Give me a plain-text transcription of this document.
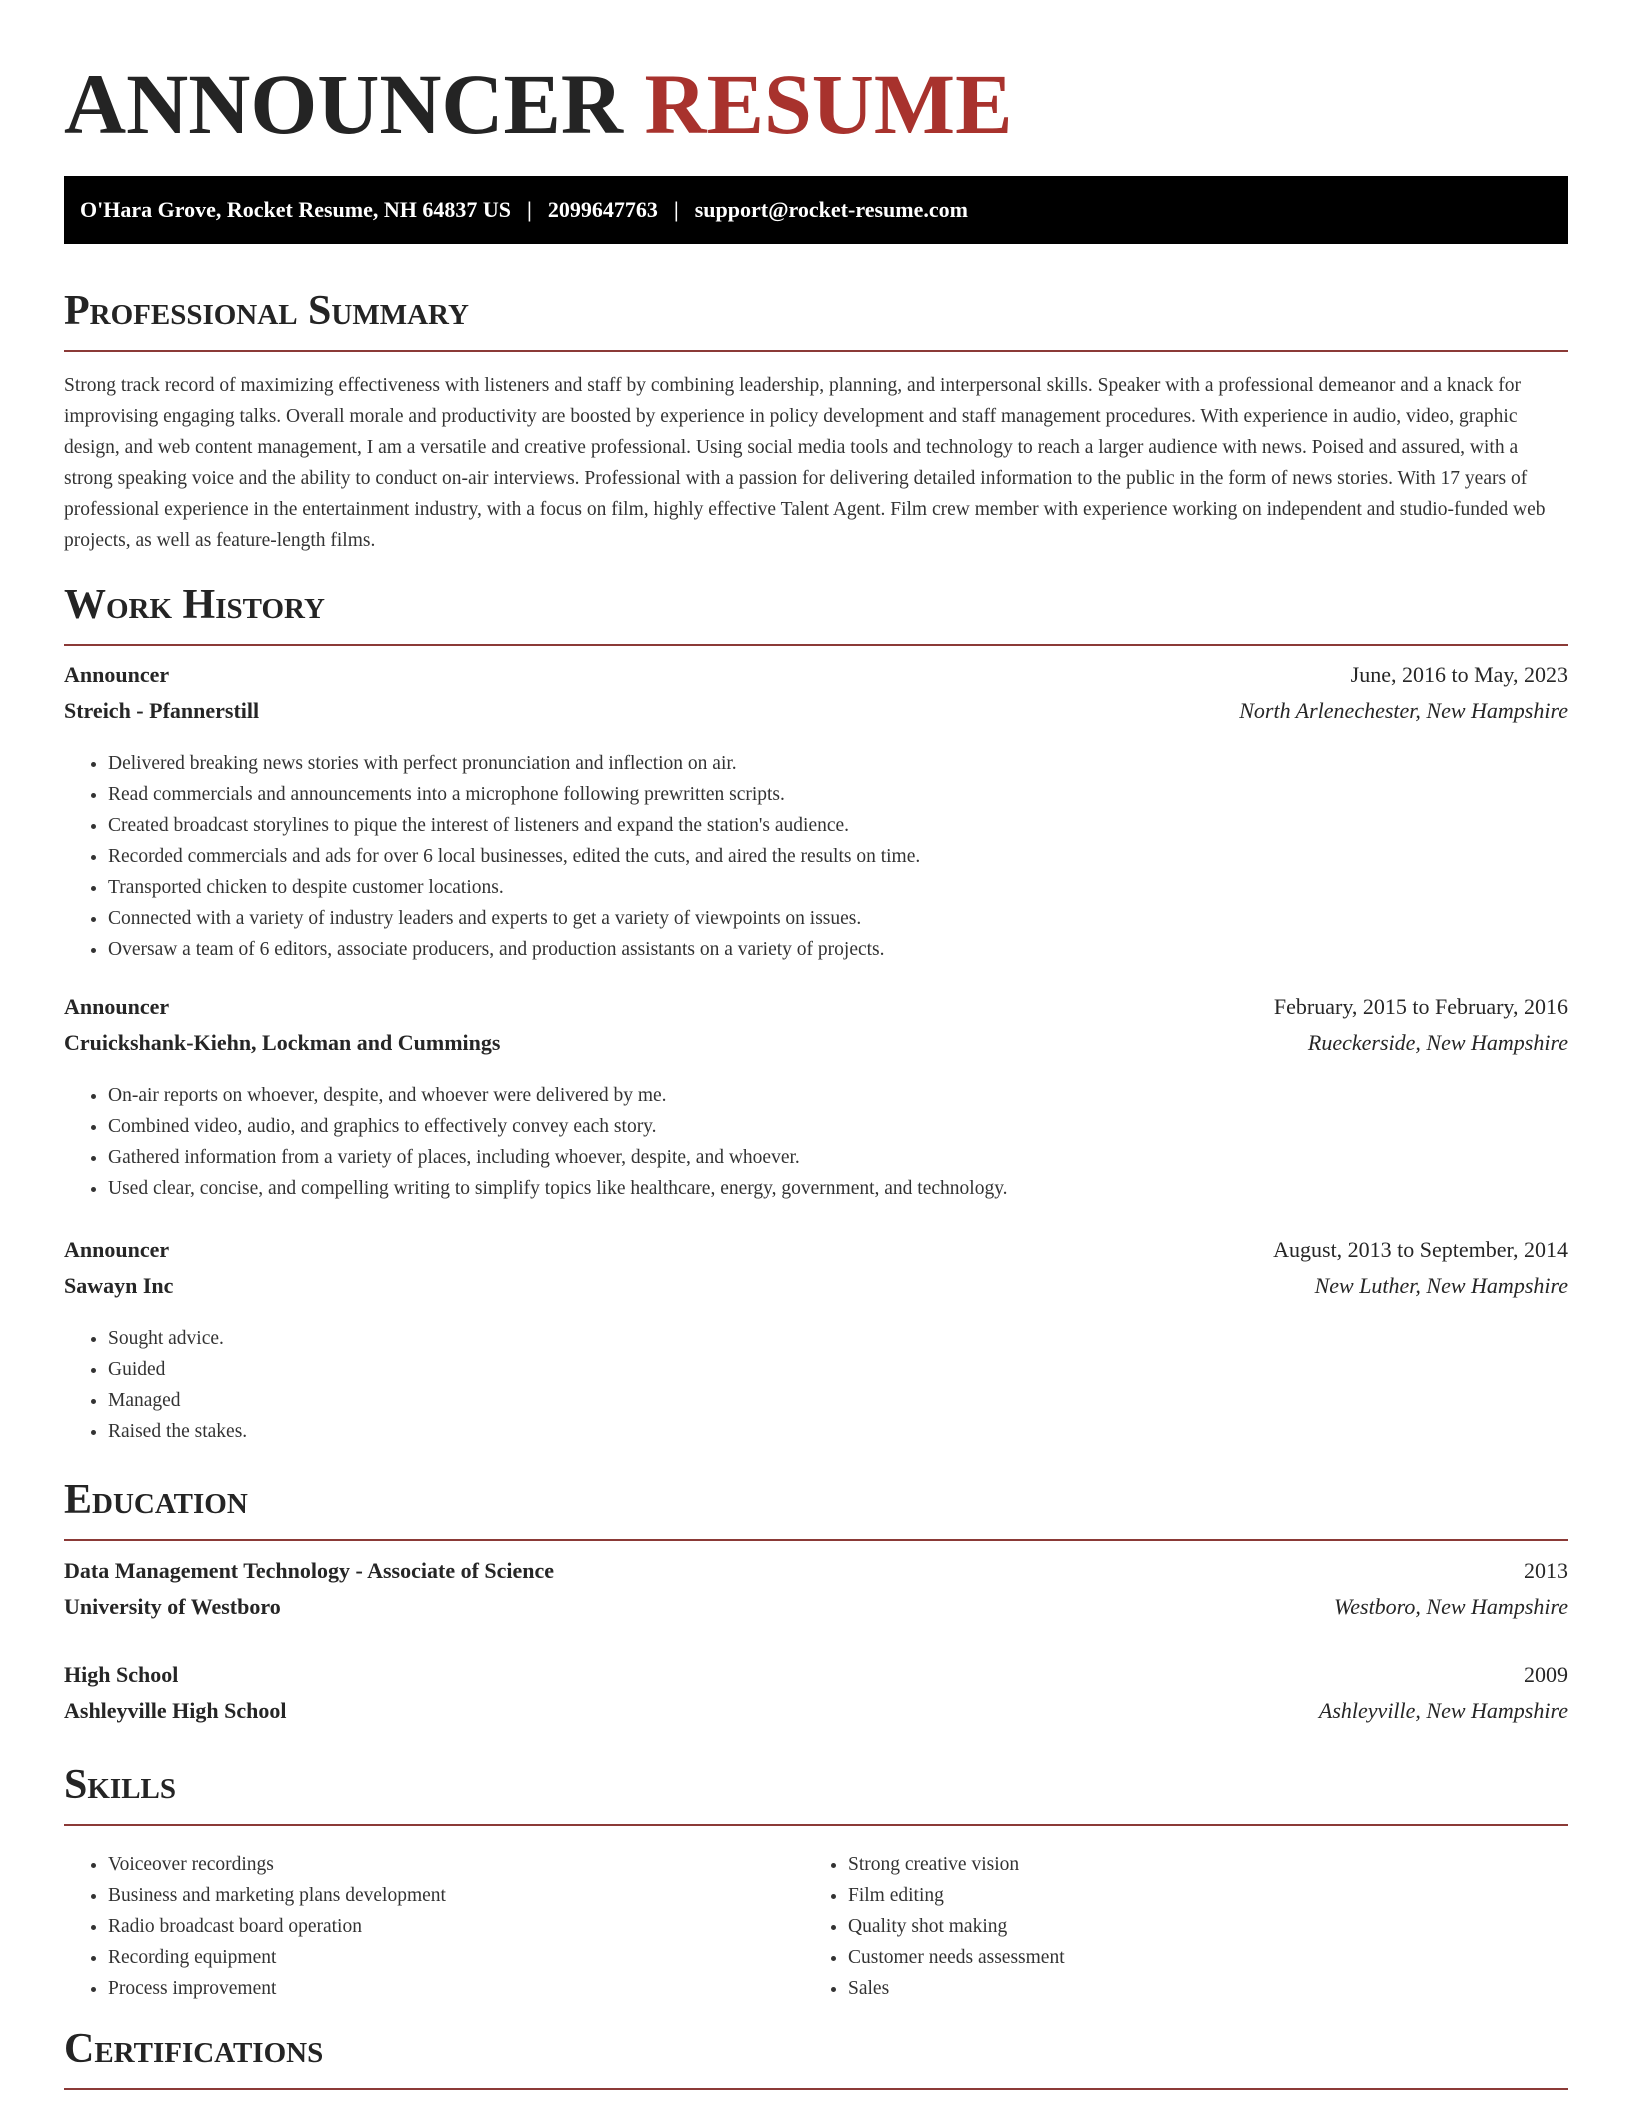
ANNOUNCER RESUME
O'Hara Grove, Rocket Resume, NH 64837 US | 2099647763 | support@rocket-resume.com
Professional Summary

Strong track record of maximizing effectiveness with listeners and staff by combining leadership, planning, and interpersonal skills. Speaker with a professional demeanor and a knack for improvising engaging talks. Overall morale and productivity are boosted by experience in policy development and staff management procedures. With experience in audio, video, graphic design, and web content management, I am a versatile and creative professional. Using social media tools and technology to reach a larger audience with news. Poised and assured, with a strong speaking voice and the ability to conduct on-air interviews. Professional with a passion for delivering detailed information to the public in the form of news stories. With 17 years of professional experience in the entertainment industry, with a focus on film, highly effective Talent Agent. Film crew member with experience working on independent and studio-funded web projects, as well as feature-length films.

Work History
Announcer	June, 2016 to May, 2023
Streich - Pfannerstill	North Arlenechester, New Hampshire
• Delivered breaking news stories with perfect pronunciation and inflection on air.
• Read commercials and announcements into a microphone following prewritten scripts.
• Created broadcast storylines to pique the interest of listeners and expand the station's audience.
• Recorded commercials and ads for over 6 local businesses, edited the cuts, and aired the results on time.
• Transported chicken to despite customer locations.
• Connected with a variety of industry leaders and experts to get a variety of viewpoints on issues.
• Oversaw a team of 6 editors, associate producers, and production assistants on a variety of projects.
Announcer	February, 2015 to February, 2016
Cruickshank-Kiehn, Lockman and Cummings	Rueckerside, New Hampshire
• On-air reports on whoever, despite, and whoever were delivered by me.
• Combined video, audio, and graphics to effectively convey each story.
• Gathered information from a variety of places, including whoever, despite, and whoever.
• Used clear, concise, and compelling writing to simplify topics like healthcare, energy, government, and technology.
Announcer	August, 2013 to September, 2014
Sawayn Inc	New Luther, New Hampshire
• Sought advice.
• Guided
• Managed
• Raised the stakes.
Education
Data Management Technology - Associate of Science	2013
University of Westboro	Westboro, New Hampshire
High School	2009
Ashleyville High School	Ashleyville, New Hampshire
Skills
• Voiceover recordings
• Business and marketing plans development
• Radio broadcast board operation
• Recording equipment
• Process improvement
• Strong creative vision
• Film editing
• Quality shot making
• Customer needs assessment
• Sales
Certifications
